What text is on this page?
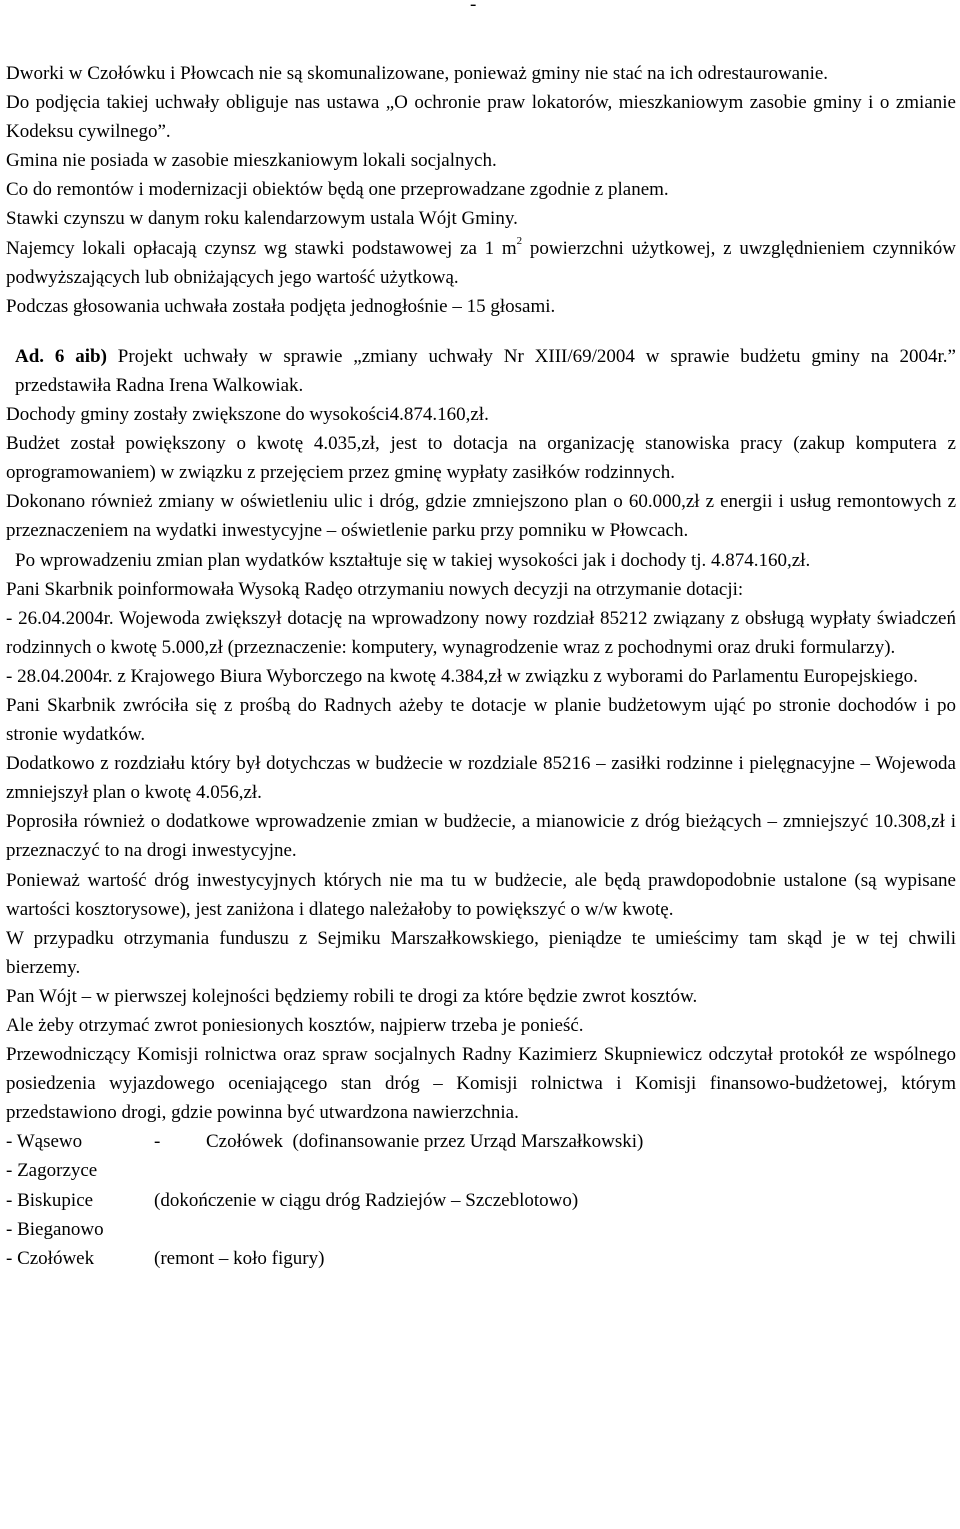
-

Dworki w Czołówku i Płowcach nie są skomunalizowane, ponieważ gminy nie stać na ich odrestaurowanie.

Do podjęcia takiej uchwały obliguje nas ustawa „O ochronie praw lokatorów, mieszkaniowym zasobie gminy i o zmianie Kodeksu cywilnego”.

Gmina nie posiada w zasobie mieszkaniowym lokali socjalnych.

Co do remontów i modernizacji obiektów będą one przeprowadzane zgodnie z planem.

Stawki czynszu w danym roku kalendarzowym ustala Wójt Gminy.

Najemcy lokali opłacają czynsz wg stawki podstawowej za 1 $m^2$ powierzchni użytkowej, z uwzględnieniem czynników podwyższających lub obniżających jego wartość użytkową.

Podczas głosowania uchwała została podjęta jednogłośnie – 15 głosami.

Ad. 6 aib) Projekt uchwały w sprawie „zmiany uchwały Nr XIII/69/2004 w sprawie budżetu gminy na 2004r.” przedstawiła Radna Irena Walkowiak.

Dochody gminy zostały zwiększone do wysokości4.874.160,zł.

Budżet został powiększony o kwotę 4.035,zł, jest to dotacja na organizację stanowiska pracy (zakup komputera z oprogramowaniem) w związku z przejęciem przez gminę wypłaty zasiłków rodzinnych.

Dokonano również zmiany w oświetleniu ulic i dróg, gdzie zmniejszono plan o 60.000,zł z energii i usług remontowych z przeznaczeniem na wydatki inwestycyjne – oświetlenie parku przy pomniku w Płowcach.

Po wprowadzeniu zmian plan wydatków kształtuje się w takiej wysokości jak i dochody tj. 4.874.160,zł.

Pani Skarbnik poinformowała Wysoką Radęo otrzymaniu nowych decyzji na otrzymanie dotacji:

- 26.04.2004r. Wojewoda zwiększył dotację na wprowadzony nowy rozdział 85212 związany z obsługą wypłaty świadczeń rodzinnych o kwotę 5.000,zł (przeznaczenie: komputery, wynagrodzenie wraz z pochodnymi oraz druki formularzy).

- 28.04.2004r. z Krajowego Biura Wyborczego na kwotę 4.384,zł w związku z wyborami do Parlamentu Europejskiego.

Pani Skarbnik zwróciła się z prośbą do Radnych ażeby te dotacje w planie budżetowym ująć po stronie dochodów i po stronie wydatków.

Dodatkowo z rozdziału który był dotychczas w budżecie w rozdziale 85216 – zasiłki rodzinne i pielęgnacyjne – Wojewoda zmniejszył plan o kwotę 4.056,zł.

Poprosiła również o dodatkowe wprowadzenie zmian w budżecie, a mianowicie z dróg bieżących – zmniejszyć 10.308,zł i przeznaczyć to na drogi inwestycyjne.

Ponieważ wartość dróg inwestycyjnych których nie ma tu w budżecie, ale będą prawdopodobnie ustalone (są wypisane wartości kosztorysowe), jest zaniżona i dlatego należałoby to powiększyć o w/w kwotę.

W przypadku otrzymania funduszu z Sejmiku Marszałkowskiego, pieniądze te umieścimy tam skąd je w tej chwili bierzemy.

Pan Wójt – w pierwszej kolejności będziemy robili te drogi za które będzie zwrot kosztów.

Ale żeby otrzymać zwrot poniesionych kosztów, najpierw trzeba je ponieść.

Przewodniczący Komisji rolnictwa oraz spraw socjalnych Radny Kazimierz Skupniewicz odczytał protokół ze wspólnego posiedzenia wyjazdowego oceniającego stan dróg – Komisji rolnictwa i Komisji finansowo-budżetowej, którym przedstawiono drogi, gdzie powinna być utwardzona nawierzchnia.

- Wąsewo	-	Czołówek  (dofinansowanie przez Urząd Marszałkowski)
- Zagorzyce
- Biskupice	(dokończenie w ciągu dróg Radziejów – Szczeblotowo)
- Bieganowo
- Czołówek	(remont – koło figury)
